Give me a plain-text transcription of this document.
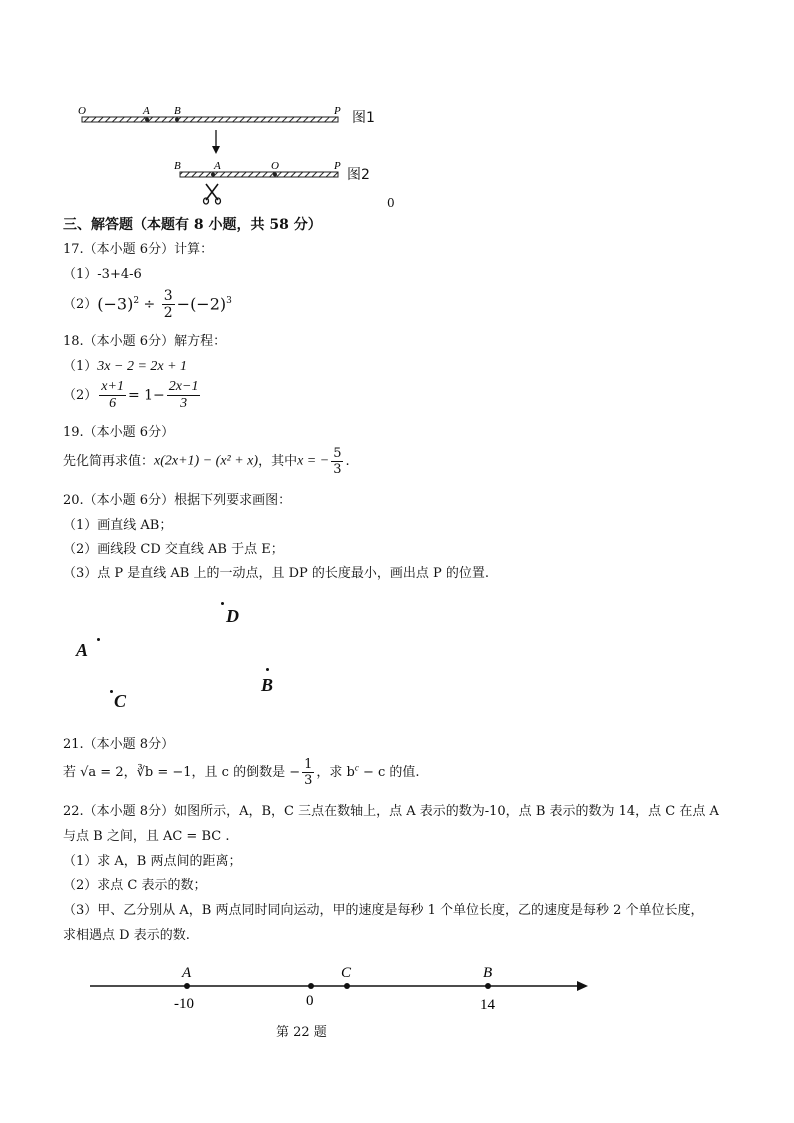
O	A B	P
B	A	O	P
图1
图2
0
三、解答题（本题有 8 小题，共 58 分）
17.（本小题 6分）计算：
（1）-3+4-6
$(2)(-3)^2 \div \frac{3}{2} -(-2)^3$
18.（本小题 6分）解方程：
（1）3x − 2 = 2x + 1
$(2) \frac{x+1}{6} = 1- \frac{2x-1}{3}$
19.（本小题 6分）
先化简再求值：x(2x+1) − (x² + x)，其中x = − $\frac{5}{3}$ .
20.（本小题 6分）根据下列要求画图：
（1）画直线 AB；
（2）画线段 CD 交直线 AB 于点 E；
（3）点 P 是直线 AB 上的一动点，且 DP 的长度最小，画出点 P 的位置.
D
A
B
C
21.（本小题 8分）
若 √a = 2，∛b = −1，且 c 的倒数是 − $\frac{1}{3}$ ，求 $b^c - c$ 的值.
22.（本小题 8分）如图所示，A，B，C 三点在数轴上，点 A 表示的数为-10，点 B 表示的数为 14，点 C 在点 A
与点 B 之间，且 AC = BC .
（1）求 A，B 两点间的距离；
（2）求点 C 表示的数；
（3）甲、乙分别从 A，B 两点同时同向运动，甲的速度是每秒 1 个单位长度，乙的速度是每秒 2 个单位长度，
求相遇点 D 表示的数.
A	C	B
-10	0	14
第 22 题
